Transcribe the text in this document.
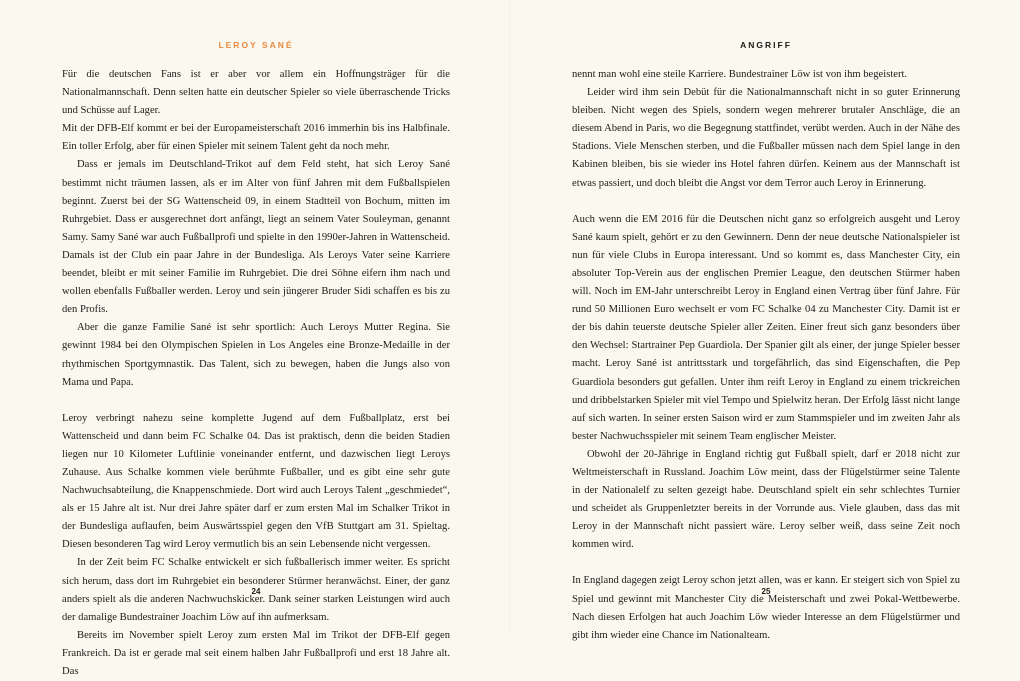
LEROY SANÉ

Für die deutschen Fans ist er aber vor allem ein Hoffnungsträger für die Nationalmannschaft. Denn selten hatte ein deutscher Spieler so viele überraschende Tricks und Schüsse auf Lager.

Mit der DFB-Elf kommt er bei der Europameisterschaft 2016 immerhin bis ins Halbfinale. Ein toller Erfolg, aber für einen Spieler mit seinem Talent geht da noch mehr.

Dass er jemals im Deutschland-Trikot auf dem Feld steht, hat sich Leroy Sané bestimmt nicht träumen lassen, als er im Alter von fünf Jahren mit dem Fußballspielen beginnt. Zuerst bei der SG Wattenscheid 09, in einem Stadtteil von Bochum, mitten im Ruhrgebiet. Dass er ausgerechnet dort anfängt, liegt an seinem Vater Souleyman, genannt Samy. Samy Sané war auch Fußballprofi und spielte in den 1990er-Jahren in Wattenscheid. Damals ist der Club ein paar Jahre in der Bundesliga. Als Leroys Vater seine Karriere beendet, bleibt er mit seiner Familie im Ruhrgebiet. Die drei Söhne eifern ihm nach und wollen ebenfalls Fußballer werden. Leroy und sein jüngerer Bruder Sidi schaffen es bis zu den Profis.

Aber die ganze Familie Sané ist sehr sportlich: Auch Leroys Mutter Regina. Sie gewinnt 1984 bei den Olympischen Spielen in Los Angeles eine Bronze-Medaille in der rhythmischen Sportgymnastik. Das Talent, sich zu bewegen, haben die Jungs also von Mama und Papa.

Leroy verbringt nahezu seine komplette Jugend auf dem Fußballplatz, erst bei Wattenscheid und dann beim FC Schalke 04. Das ist praktisch, denn die beiden Stadien liegen nur 10 Kilometer Luftlinie voneinander entfernt, und dazwischen liegt Leroys Zuhause. Aus Schalke kommen viele berühmte Fußballer, und es gibt eine sehr gute Nachwuchsabteilung, die Knappenschmiede. Dort wird auch Leroys Talent „geschmiedet“, als er 15 Jahre alt ist. Nur drei Jahre später darf er zum ersten Mal im Schalker Trikot in der Bundesliga auflaufen, beim Auswärtsspiel gegen den VfB Stuttgart am 31. Spieltag. Diesen besonderen Tag wird Leroy vermutlich bis an sein Lebensende nicht vergessen.

In der Zeit beim FC Schalke entwickelt er sich fußballerisch immer weiter. Es spricht sich herum, dass dort im Ruhrgebiet ein besonderer Stürmer heranwächst. Einer, der ganz anders spielt als die anderen Nachwuchskicker. Dank seiner starken Leistungen wird auch der damalige Bundestrainer Joachim Löw auf ihn aufmerksam.

Bereits im November spielt Leroy zum ersten Mal im Trikot der DFB-Elf gegen Frankreich. Da ist er gerade mal seit einem halben Jahr Fußballprofi und erst 18 Jahre alt. Das

24
ANGRIFF

nennt man wohl eine steile Karriere. Bundestrainer Löw ist von ihm begeistert.

Leider wird ihm sein Debüt für die Nationalmannschaft nicht in so guter Erinnerung bleiben. Nicht wegen des Spiels, sondern wegen mehrerer brutaler Anschläge, die an diesem Abend in Paris, wo die Begegnung stattfindet, verübt werden. Auch in der Nähe des Stadions. Viele Menschen sterben, und die Fußballer müssen nach dem Spiel lange in den Kabinen bleiben, bis sie wieder ins Hotel fahren dürfen. Keinem aus der Mannschaft ist etwas passiert, und doch bleibt die Angst vor dem Terror auch Leroy in Erinnerung.

Auch wenn die EM 2016 für die Deutschen nicht ganz so erfolgreich ausgeht und Leroy Sané kaum spielt, gehört er zu den Gewinnern. Denn der neue deutsche Nationalspieler ist nun für viele Clubs in Europa interessant. Und so kommt es, dass Manchester City, ein absoluter Top-Verein aus der englischen Premier League, den deutschen Stürmer haben will. Noch im EM-Jahr unterschreibt Leroy in England einen Vertrag über fünf Jahre. Für rund 50 Millionen Euro wechselt er vom FC Schalke 04 zu Manchester City. Damit ist er der bis dahin teuerste deutsche Spieler aller Zeiten. Einer freut sich ganz besonders über den Wechsel: Startrainer Pep Guardiola. Der Spanier gilt als einer, der junge Spieler besser macht. Leroy Sané ist antrittsstark und torgefährlich, das sind Eigenschaften, die Pep Guardiola besonders gut gefallen. Unter ihm reift Leroy in England zu einem trickreichen und dribbelstarken Spieler mit viel Tempo und Spielwitz heran. Der Erfolg lässt nicht lange auf sich warten. In seiner ersten Saison wird er zum Stammspieler und im zweiten Jahr als bester Nachwuchsspieler mit seinem Team englischer Meister.

Obwohl der 20-Jährige in England richtig gut Fußball spielt, darf er 2018 nicht zur Weltmeisterschaft in Russland. Joachim Löw meint, dass der Flügelstürmer seine Talente in der Nationalelf zu selten gezeigt habe. Deutschland spielt ein sehr schlechtes Turnier und scheidet als Gruppenletzter bereits in der Vorrunde aus. Viele glauben, dass das mit Leroy in der Mannschaft nicht passiert wäre. Leroy selber weiß, dass seine Zeit noch kommen wird.

In England dagegen zeigt Leroy schon jetzt allen, was er kann. Er steigert sich von Spiel zu Spiel und gewinnt mit Manchester City die Meisterschaft und zwei Pokal-Wettbewerbe. Nach diesen Erfolgen hat auch Joachim Löw wieder Interesse an dem Flügelstürmer und gibt ihm wieder eine Chance im Nationalteam.

25
